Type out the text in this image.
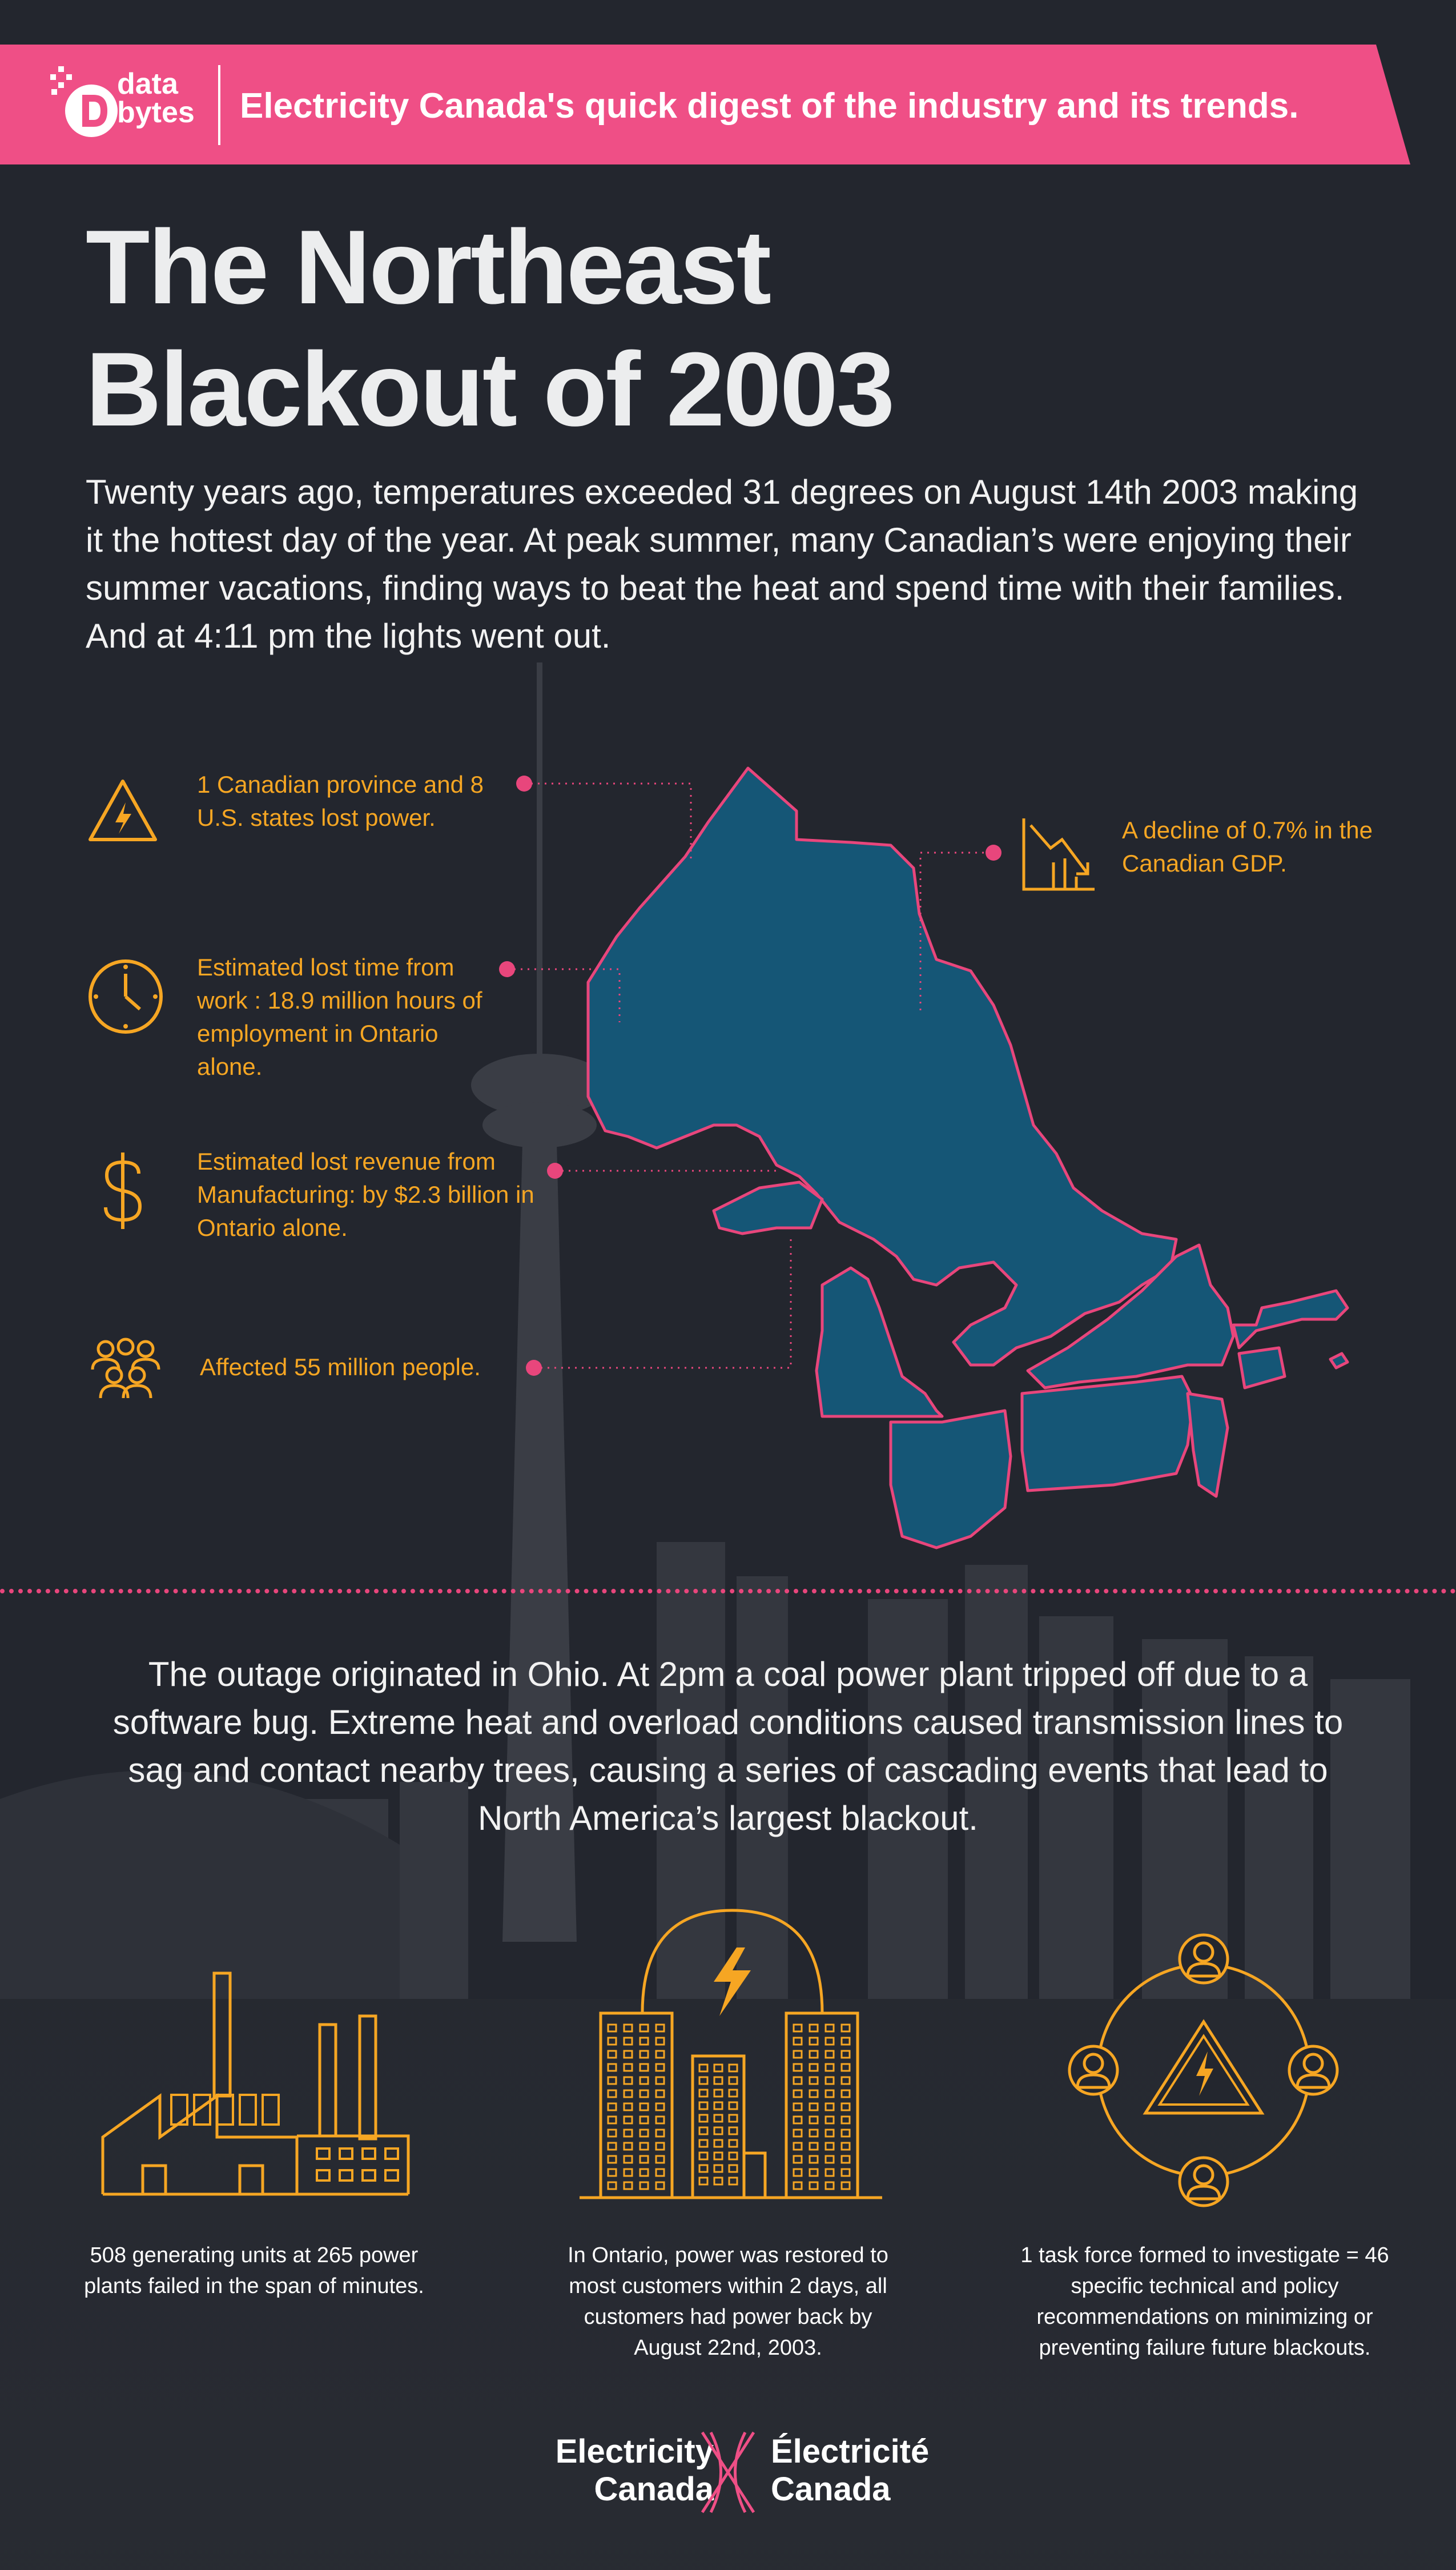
data
bytes Electricity Canada's quick digest of the industry and its trends.
The Northeast Blackout of 2003
Twenty years ago, temperatures exceeded 31 degrees on August 14th 2003 making it the hottest day of the year. At peak summer, many Canadian’s were enjoying their summer vacations, finding ways to beat the heat and spend time with their families. And at 4:11 pm the lights went out.
1 Canadian province and 8 U.S. states lost power.
Estimated lost time from work : 18.9 million hours of employment in Ontario alone.
Estimated lost revenue from Manufacturing: by $2.3 billion in Ontario alone.
Affected 55 million people.
A decline of 0.7% in the Canadian GDP.
The outage originated in Ohio. At 2pm a coal power plant tripped off due to a software bug. Extreme heat and overload conditions caused transmission lines to sag and contact nearby trees, causing a series of cascading events that lead to North America’s largest blackout.
508 generating units at 265 power plants failed in the span of minutes.
In Ontario, power was restored to most customers within 2 days, all customers had power back by August 22nd, 2003.
1 task force formed to investigate = 46 specific technical and policy recommendations on minimizing or preventing failure future blackouts.
Electricity
Canada
Électricité
Canada
